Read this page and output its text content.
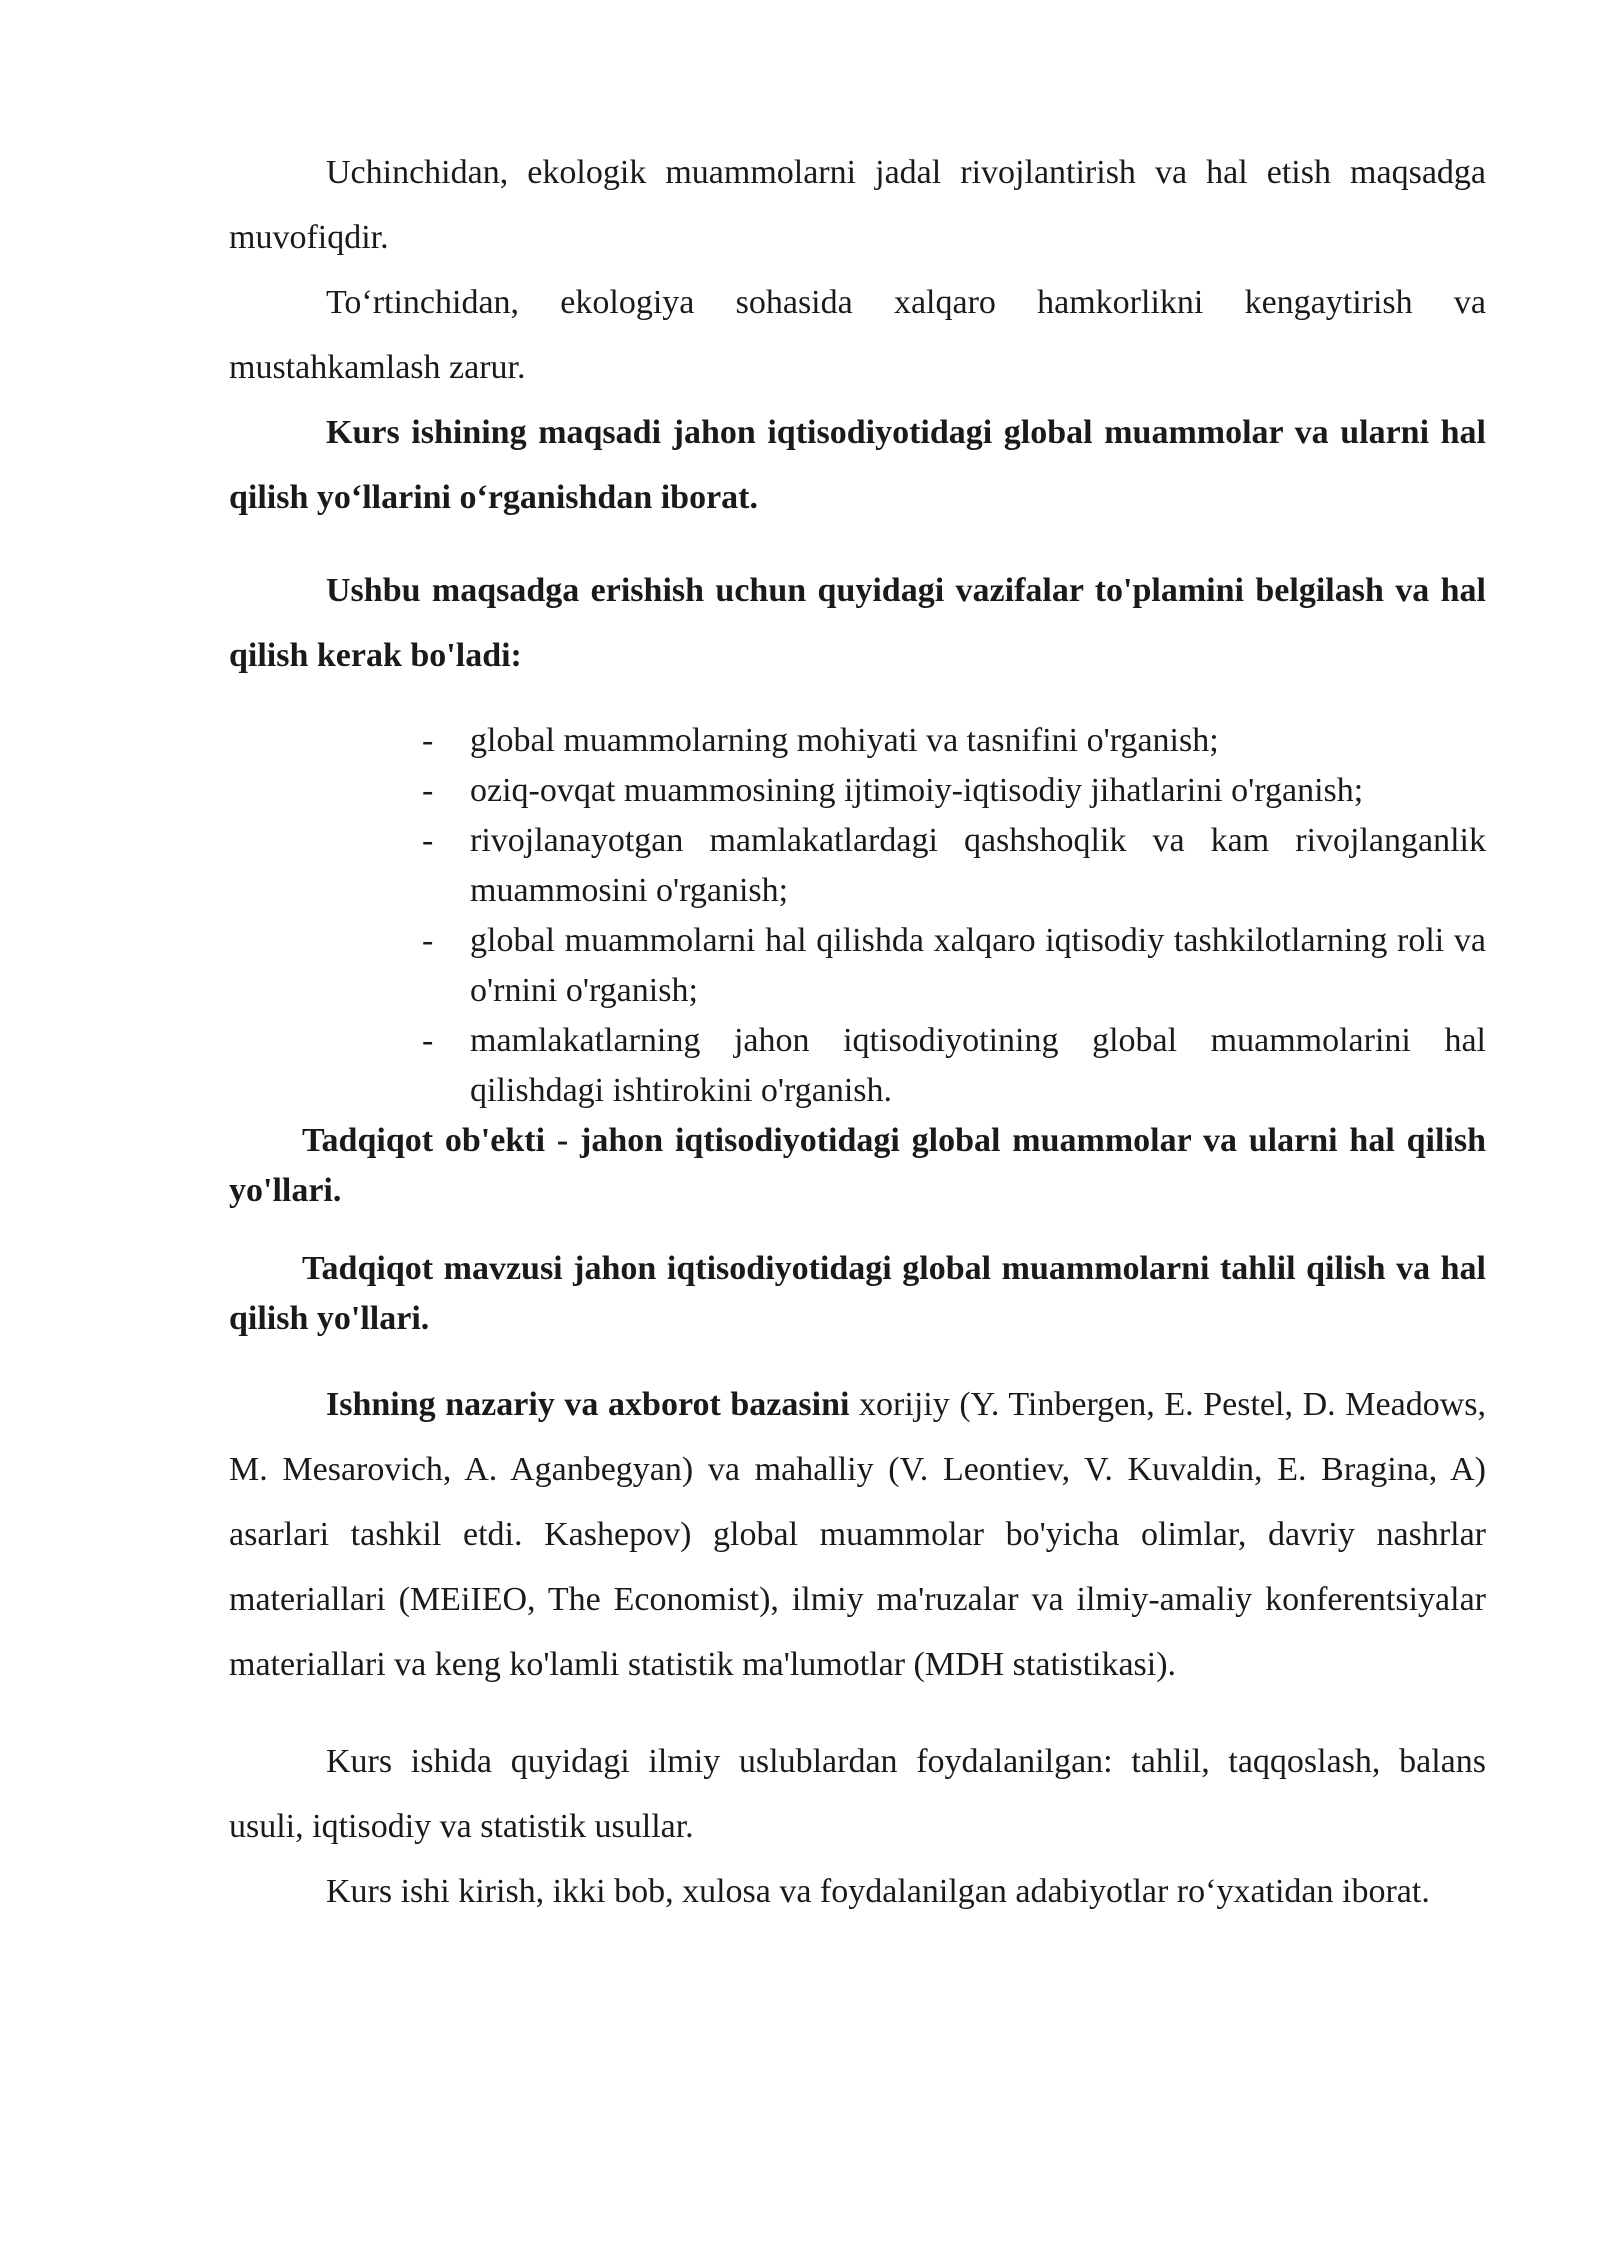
Uchinchidan, ekologik muammolarni jadal rivojlantirish va hal etish maqsadga muvofiqdir.

To‘rtinchidan, ekologiya sohasida xalqaro hamkorlikni kengaytirish va mustahkamlash zarur.

Kurs ishining maqsadi jahon iqtisodiyotidagi global muammolar va ularni hal qilish yo‘llarini o‘rganishdan iborat.

Ushbu maqsadga erishish uchun quyidagi vazifalar to'plamini belgilash va hal qilish kerak bo'ladi:

-	global muammolarning mohiyati va tasnifini o'rganish;
-	oziq-ovqat muammosining ijtimoiy-iqtisodiy jihatlarini o'rganish;
-	rivojlanayotgan mamlakatlardagi qashshoqlik va kam rivojlanganlik muammosini o'rganish;
-	global muammolarni hal qilishda xalqaro iqtisodiy tashkilotlarning roli va o'rnini o'rganish;
-	mamlakatlarning jahon iqtisodiyotining global muammolarini hal qilishdagi ishtirokini o'rganish.

Tadqiqot ob'ekti - jahon iqtisodiyotidagi global muammolar va ularni hal qilish yo'llari.

Tadqiqot mavzusi jahon iqtisodiyotidagi global muammolarni tahlil qilish va hal qilish yo'llari.

Ishning nazariy va axborot bazasini xorijiy (Y. Tinbergen, E. Pestel, D. Meadows, M. Mesarovich, A. Aganbegyan) va mahalliy (V. Leontiev, V. Kuvaldin, E. Bragina, A) asarlari tashkil etdi. Kashepov) global muammolar bo'yicha olimlar, davriy nashrlar materiallari (MEiIEO, The Economist), ilmiy ma'ruzalar va ilmiy-amaliy konferentsiyalar materiallari va keng ko'lamli statistik ma'lumotlar (MDH statistikasi).

Kurs ishida quyidagi ilmiy uslublardan foydalanilgan: tahlil, taqqoslash, balans usuli, iqtisodiy va statistik usullar.

Kurs ishi kirish, ikki bob, xulosa va foydalanilgan adabiyotlar ro‘yxatidan iborat.
